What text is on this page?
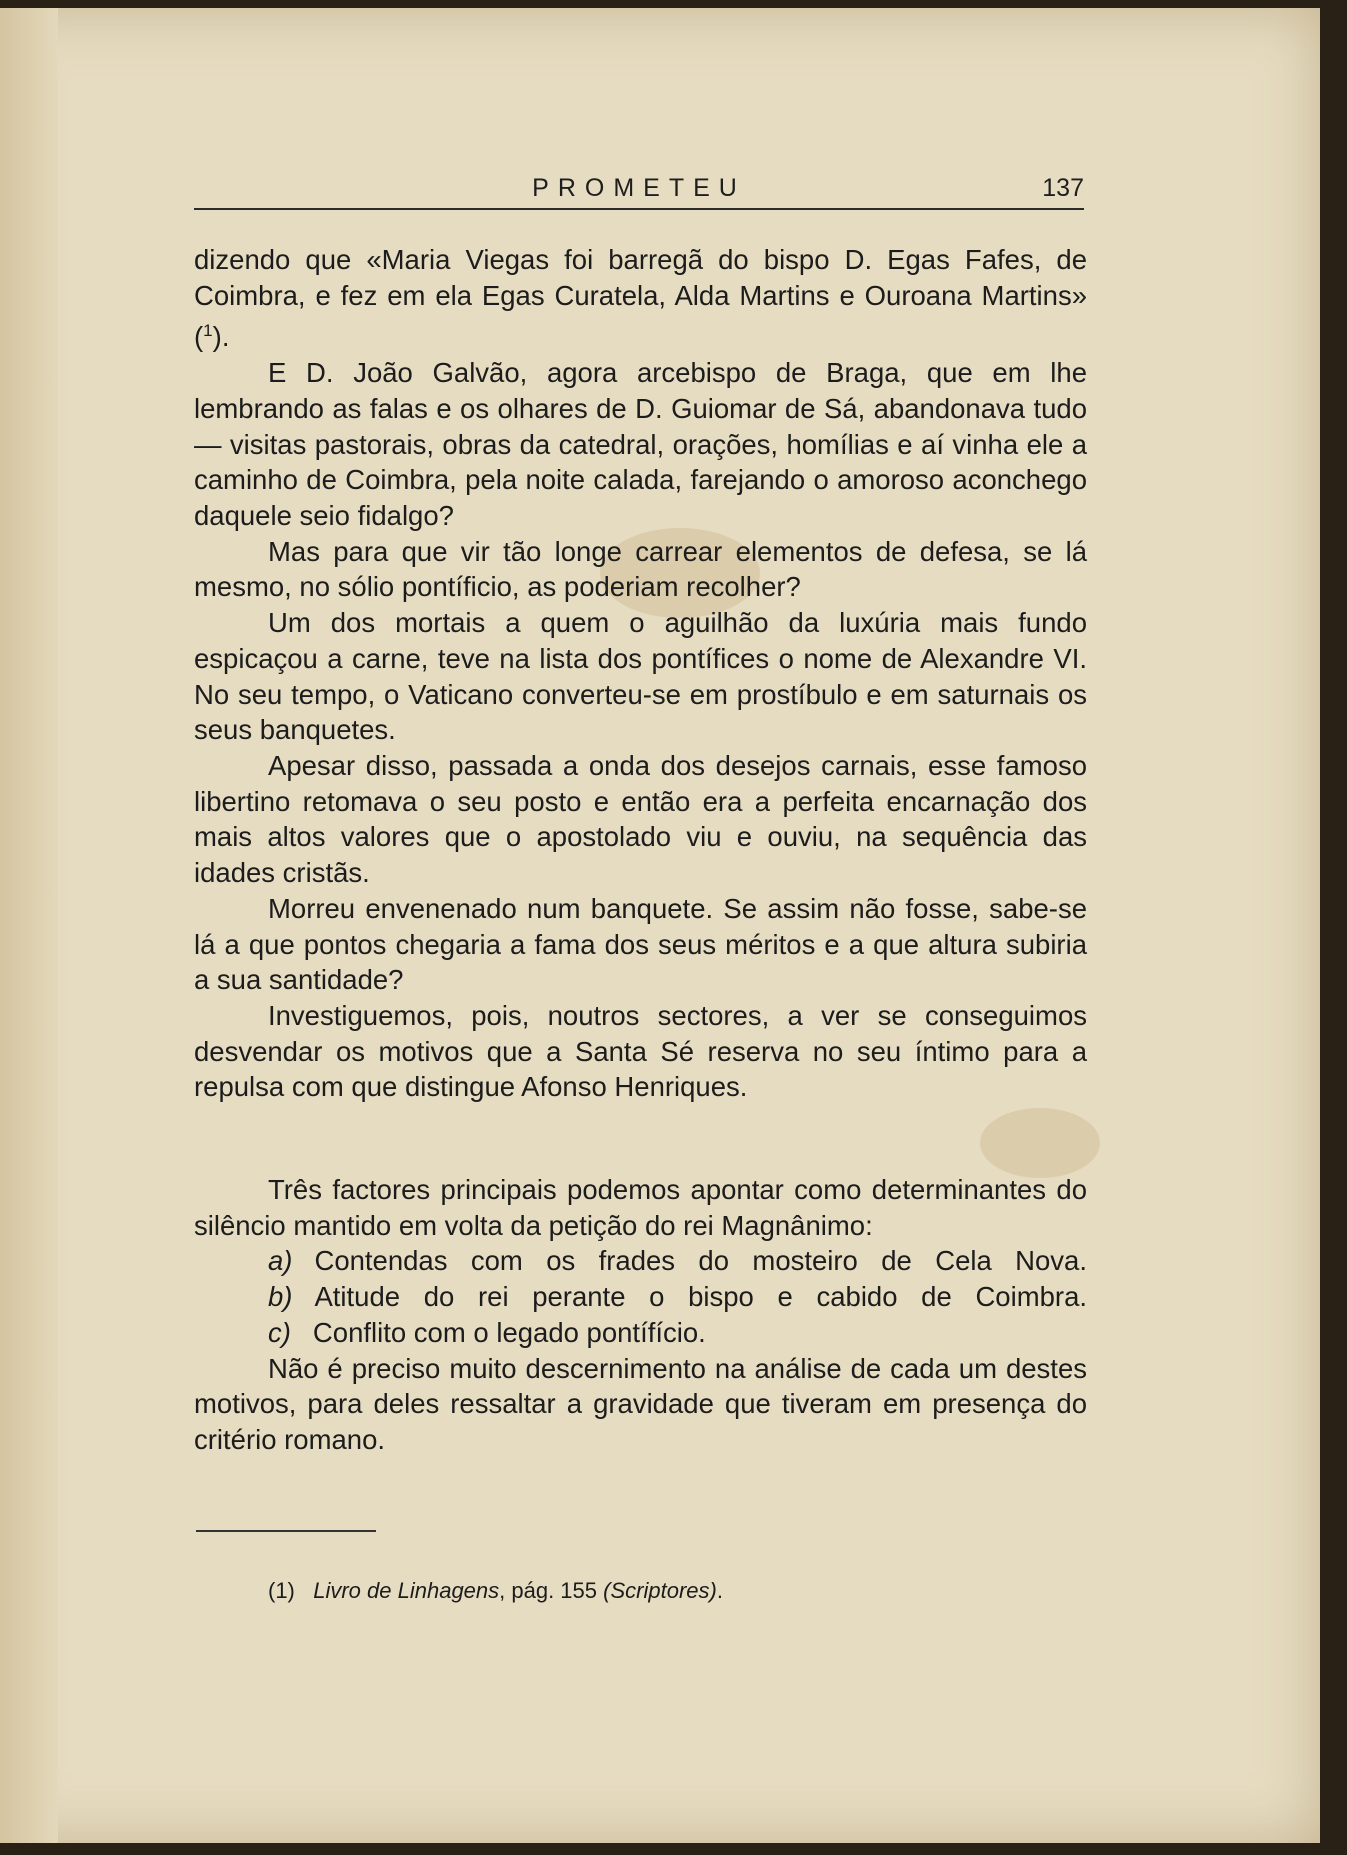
PROMETEU	137

dizendo que «Maria Viegas foi barregã do bispo D. Egas Fafes, de Coimbra, e fez em ela Egas Curatela, Alda Martins e Ouroana Martins» ($^1$).

E D. João Galvão, agora arcebispo de Braga, que em lhe lembrando as falas e os olhares de D. Guiomar de Sá, abandonava tudo — visitas pastorais, obras da catedral, orações, homílias e aí vinha ele a caminho de Coimbra, pela noite calada, farejando o amoroso aconchego daquele seio fidalgo?

Mas para que vir tão longe carrear elementos de defesa, se lá mesmo, no sólio pontíficio, as poderiam recolher?

Um dos mortais a quem o aguilhão da luxúria mais fundo espicaçou a carne, teve na lista dos pontífices o nome de Alexandre VI. No seu tempo, o Vaticano converteu-se em prostíbulo e em saturnais os seus banquetes.

Apesar disso, passada a onda dos desejos carnais, esse famoso libertino retomava o seu posto e então era a perfeita encarnação dos mais altos valores que o apostolado viu e ouviu, na sequência das idades cristãs.

Morreu envenenado num banquete. Se assim não fosse, sabe-se lá a que pontos chegaria a fama dos seus méritos e a que altura subiria a sua santidade?

Investiguemos, pois, noutros sectores, a ver se conseguimos desvendar os motivos que a Santa Sé reserva no seu íntimo para a repulsa com que distingue Afonso Henriques.

Três factores principais podemos apontar como determinantes do silêncio mantido em volta da petição do rei Magnânimo:

a) Contendas com os frades do mosteiro de Cela Nova.

b) Atitude do rei perante o bispo e cabido de Coimbra.

c) Conflito com o legado pontífício.

Não é preciso muito descernimento na análise de cada um destes motivos, para deles ressaltar a gravidade que tiveram em presença do critério romano.

(1) Livro de Linhagens, pág. 155 (Scriptores).
